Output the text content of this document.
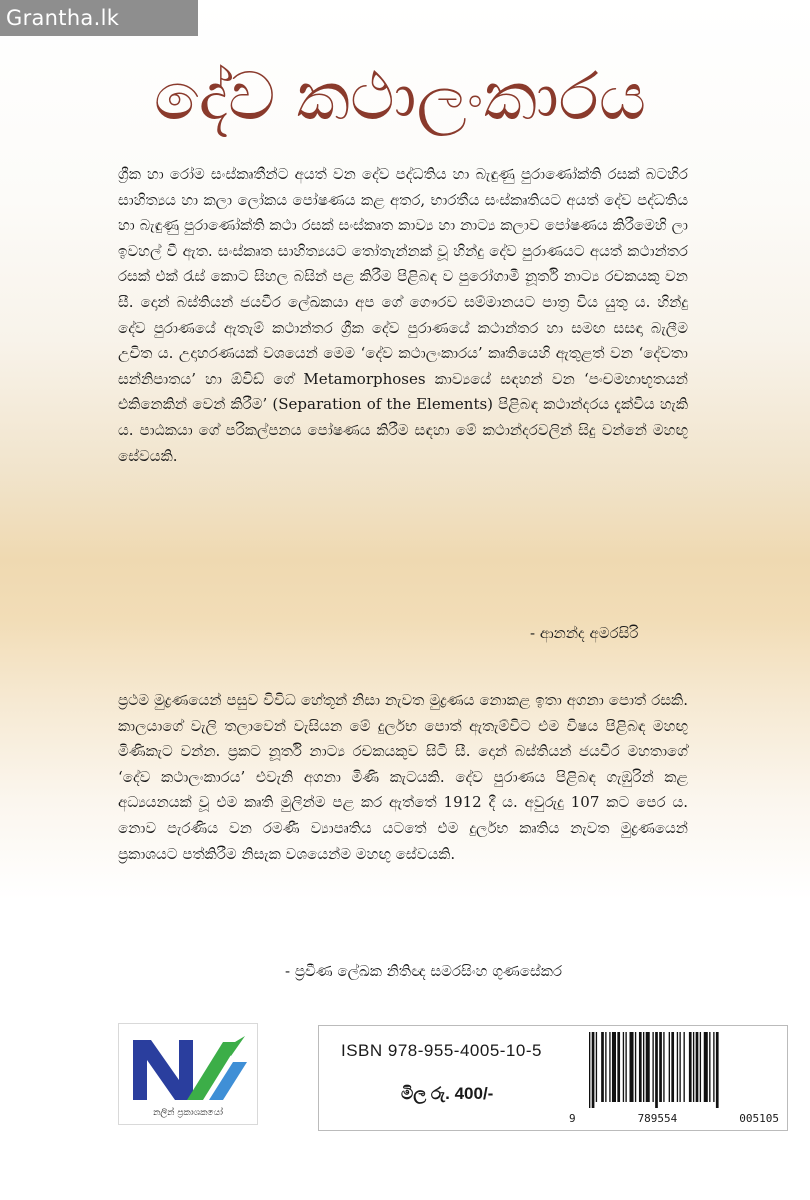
Grantha.lk
දේව කථාලංකාරය

ග්‍රීක හා රෝම සංස්කෘතීන්ට අයත් වන දේව පද්ධතිය හා බැඳුණු පුරාණෝක්ති රසක් බටහිර සාහිත්‍යය හා කලා ලෝකය පෝෂණය කළ අතර, භාරතීය සංස්කෘතියට අයත් දේව පද්ධතිය හා බැඳුණු පුරාණෝක්ති කථා රසක් සංස්කෘත කාව්‍ය හා නාට්‍ය කලාව පෝෂණය කිරීමෙහි ලා ඉවහල් වී ඇත. සංස්කෘත සාහිත්‍යයට තෝතැන්නක් වූ හින්දු දේව පුරාණයට අයත් කථාන්තර රසක් එක් රැස් කොට සිහල බසින් පළ කිරීම පිළිබඳ ව පුරෝගාමී නූර්ති නාට්‍ය රචකයකු වන සී. දොන් බස්තියන් ජයවීර ලේඛකයා අප ගේ ගෞරව සම්මානයට පාත්‍ර විය යුතු ය. හින්දු දේව පුරාණයේ ඇතැම් කථාන්තර ග්‍රීක දේව පුරාණයේ කථාන්තර හා සමඟ සසඳා බැලීම උචිත ය. උදාහරණයක් වශයෙන් මෙම ‘දේව කථාලංකාරය’ කෘතියෙහි ඇතුළත් වන ‘දේවතා සන්නිපාතය’ හා ඕවිඩ් ගේ Metamorphoses කාව්‍යයේ සඳහන් වන ‘පංචමහාභූතයන් එකිනෙකින් වෙන් කිරීම’ (Separation of the Elements) පිළිබඳ කථාන්දරය දැක්විය හැකි ය. පාඨකයා ගේ පරිකල්පනය පෝෂණය කිරීම සඳහා මේ කථාන්දරවලින් සිදු වන්නේ මහඟු සේවයකි.

- ආනන්ද අමරසිරි

ප්‍රථම මුද්‍රණයෙන් පසුව විවිධ හේතූන් නිසා නැවත මුද්‍රණය නොකළ ඉතා අගනා පොත් රසකි. කාලයාගේ වැලි තලාවෙන් වැසියන මේ දුර්ලභ පොත් ඇතැම්විට එම විෂය පිළිබඳ මහඟු මිණිකැට වන්න. ප්‍රකට නූර්ති නාට්‍ය රචකයකුව සිටි සී. දොන් බස්තියන් ජයවීර මහතාගේ ‘දේව කථාලංකාරය’ එවැනි අගනා මිණි කැටයකි. දේව පුරාණය පිළිබඳ ගැඹුරින් කළ අධ්‍යයනයක් වූ එම කෘති මුලින්ම පළ කර ඇත්තේ 1912 දී ය. අවුරුදු 107 කට පෙර ය. නොව පැරණිය වන රමණී ව්‍යාපෘතිය යටතේ එම දුර්ලභ කෘතිය නැවත මුද්‍රණයෙන් ප්‍රකාශයට පත්කිරීම නිසැක වශයෙන්ම මහඟු සේවයකි.

- ප්‍රවීණ ලේඛක නිතිඥ සමරසිංහ ගුණසේකර
නලින් ප්‍රකාශකයෝ
ISBN 978-955-4005-10-5
මිල රු. 400/-
9	789554	005105
